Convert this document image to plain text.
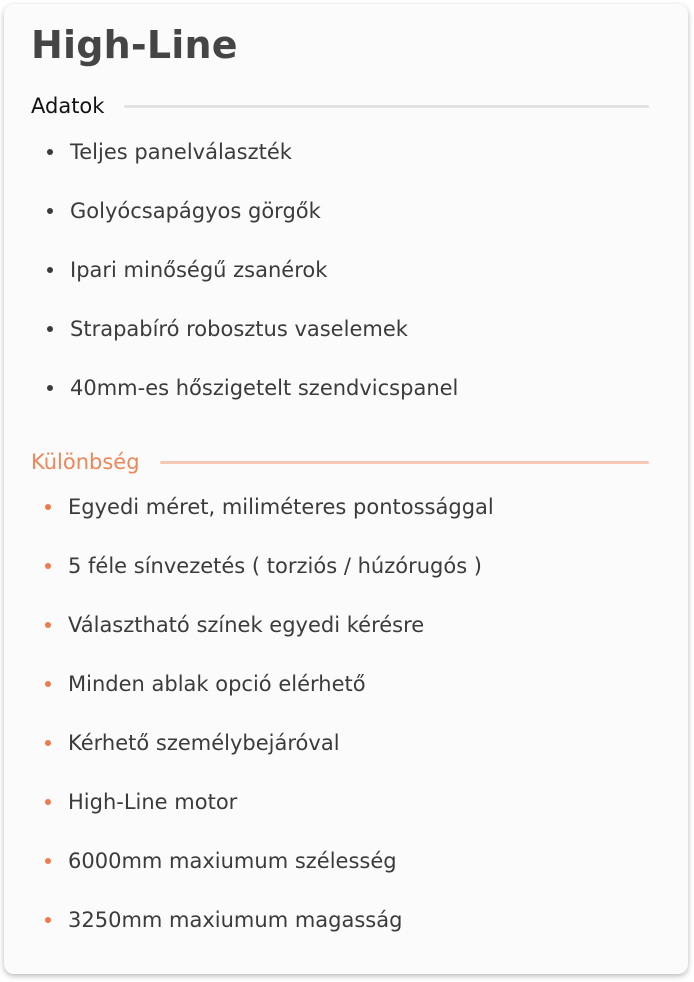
High-Line
Adatok
Teljes panelválaszték
Golyócsapágyos görgők
Ipari minőségű zsanérok
Strapabíró robosztus vaselemek
40mm-es hőszigetelt szendvicspanel
Különbség
Egyedi méret, miliméteres pontossággal
5 féle sínvezetés ( torziós / húzórugós )
Választható színek egyedi kérésre
Minden ablak opció elérhető
Kérhető személybejáróval
High-Line motor
6000mm maxiumum szélesség
3250mm maxiumum magasság
